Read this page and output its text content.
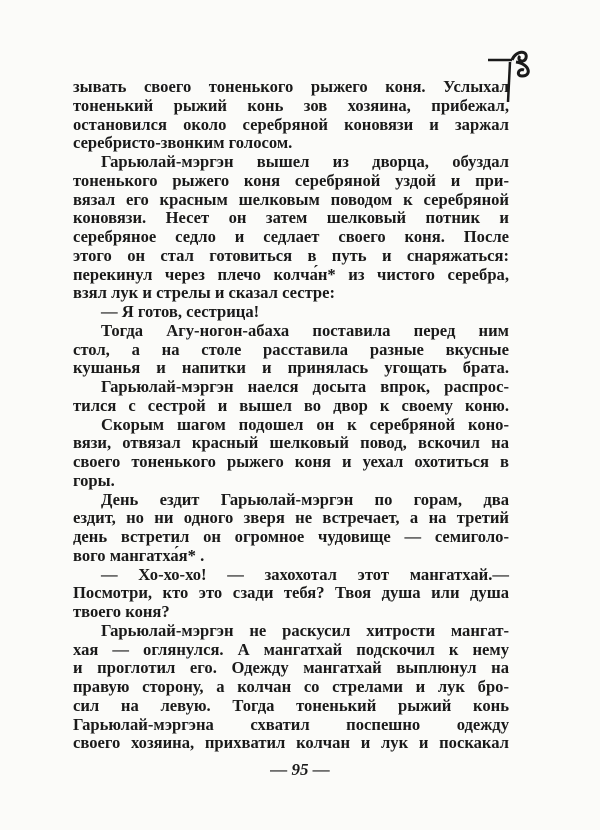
зывать своего тоненького рыжего коня. Услыхал
тоненький рыжий конь зов хозяина, прибежал,
остановился около серебряной коновязи и заржал
серебристо-звонким голосом.
Гарьюлай-мэргэн вышел из дворца, обуздал
тоненького рыжего коня серебряной уздой и при-
вязал его красным шелковым поводом к серебряной
коновязи. Несет он затем шелковый потник и
серебряное седло и седлает своего коня. После
этого он стал готовиться в путь и снаряжаться:
перекинул через плечо колча́н* из чистого серебра,
взял лук и стрелы и сказал сестре:
— Я готов, сестрица!
Тогда Агу-ногон-абаха поставила перед ним
стол, а на столе расставила разные вкусные
кушанья и напитки и принялась угощать брата.
Гарьюлай-мэргэн наелся досыта впрок, распрос-
тился с сестрой и вышел во двор к своему коню.
Скорым шагом подошел он к серебряной коно-
вязи, отвязал красный шелковый повод, вскочил на
своего тоненького рыжего коня и уехал охотиться в
горы.
День ездит Гарьюлай-мэргэн по горам, два
ездит, но ни одного зверя не встречает, а на третий
день встретил он огромное чудовище — семиголо-
вого мангатха́я* .
— Хо-хо-хо! — захохотал этот мангатхай.—
Посмотри, кто это сзади тебя? Твоя душа или душа
твоего коня?
Гарьюлай-мэргэн не раскусил хитрости мангат-
хая — оглянулся. А мангатхай подскочил к нему
и проглотил его. Одежду мангатхай выплюнул на
правую сторону, а колчан со стрелами и лук бро-
сил на левую. Тогда тоненький рыжий конь
Гарьюлай-мэргэна схватил поспешно одежду
своего хозяина, прихватил колчан и лук и поскакал
— 95 —
